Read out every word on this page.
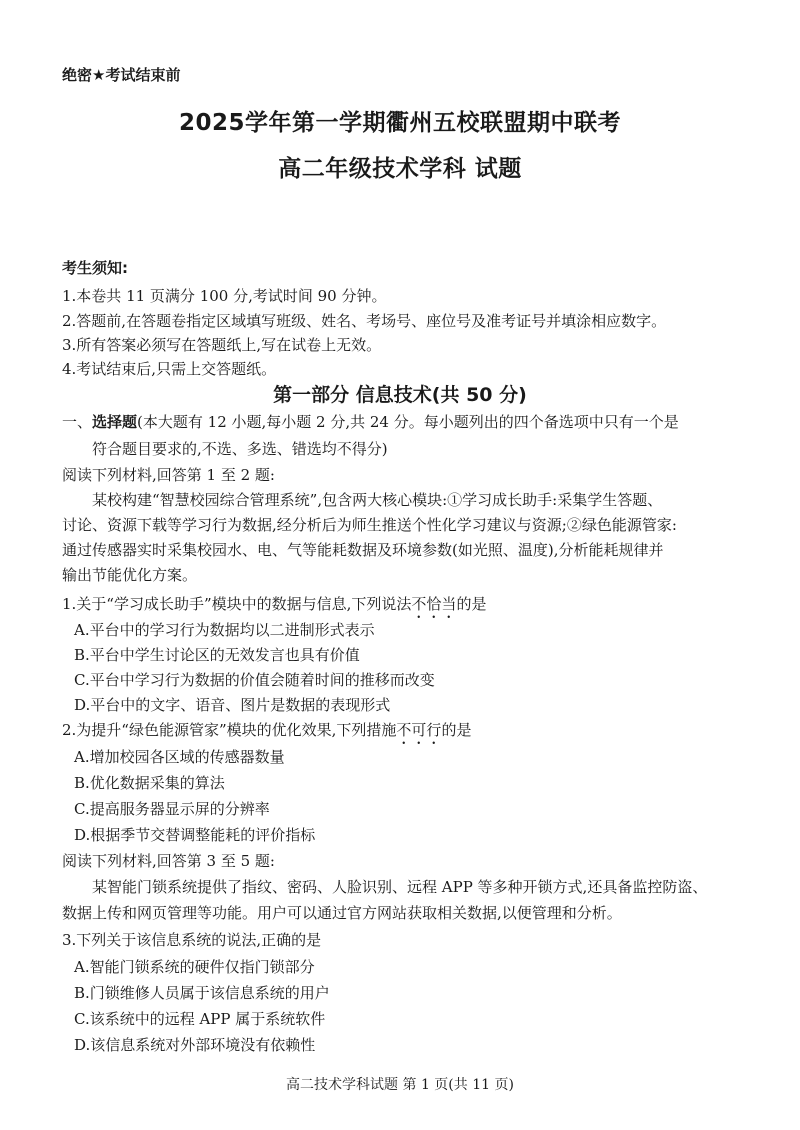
绝密★考试结束前
2025学年第一学期衢州五校联盟期中联考
高二年级技术学科 试题
考生须知:
1.本卷共 11 页满分 100 分,考试时间 90 分钟。
2.答题前,在答题卷指定区域填写班级、姓名、考场号、座位号及准考证号并填涂相应数字。
3.所有答案必须写在答题纸上,写在试卷上无效。
4.考试结束后,只需上交答题纸。
第一部分 信息技术(共 50 分)
一、选择题(本大题有 12 小题,每小题 2 分,共 24 分。每小题列出的四个备选项中只有一个是
符合题目要求的,不选、多选、错选均不得分)
阅读下列材料,回答第 1 至 2 题:
某校构建“智慧校园综合管理系统”,包含两大核心模块:①学习成长助手:采集学生答题、
讨论、资源下载等学习行为数据,经分析后为师生推送个性化学习建议与资源;②绿色能源管家:
通过传感器实时采集校园水、电、气等能耗数据及环境参数(如光照、温度),分析能耗规律并
输出节能优化方案。
1.关于“学习成长助手”模块中的数据与信息,下列说法不恰当的是
A.平台中的学习行为数据均以二进制形式表示
B.平台中学生讨论区的无效发言也具有价值
C.平台中学习行为数据的价值会随着时间的推移而改变
D.平台中的文字、语音、图片是数据的表现形式
2.为提升“绿色能源管家”模块的优化效果,下列措施不可行的是
A.增加校园各区域的传感器数量
B.优化数据采集的算法
C.提高服务器显示屏的分辨率
D.根据季节交替调整能耗的评价指标
阅读下列材料,回答第 3 至 5 题:
某智能门锁系统提供了指纹、密码、人脸识别、远程 APP 等多种开锁方式,还具备监控防盗、
数据上传和网页管理等功能。用户可以通过官方网站获取相关数据,以便管理和分析。
3.下列关于该信息系统的说法,正确的是
A.智能门锁系统的硬件仅指门锁部分
B.门锁维修人员属于该信息系统的用户
C.该系统中的远程 APP 属于系统软件
D.该信息系统对外部环境没有依赖性
高二技术学科试题 第 1 页(共 11 页)
